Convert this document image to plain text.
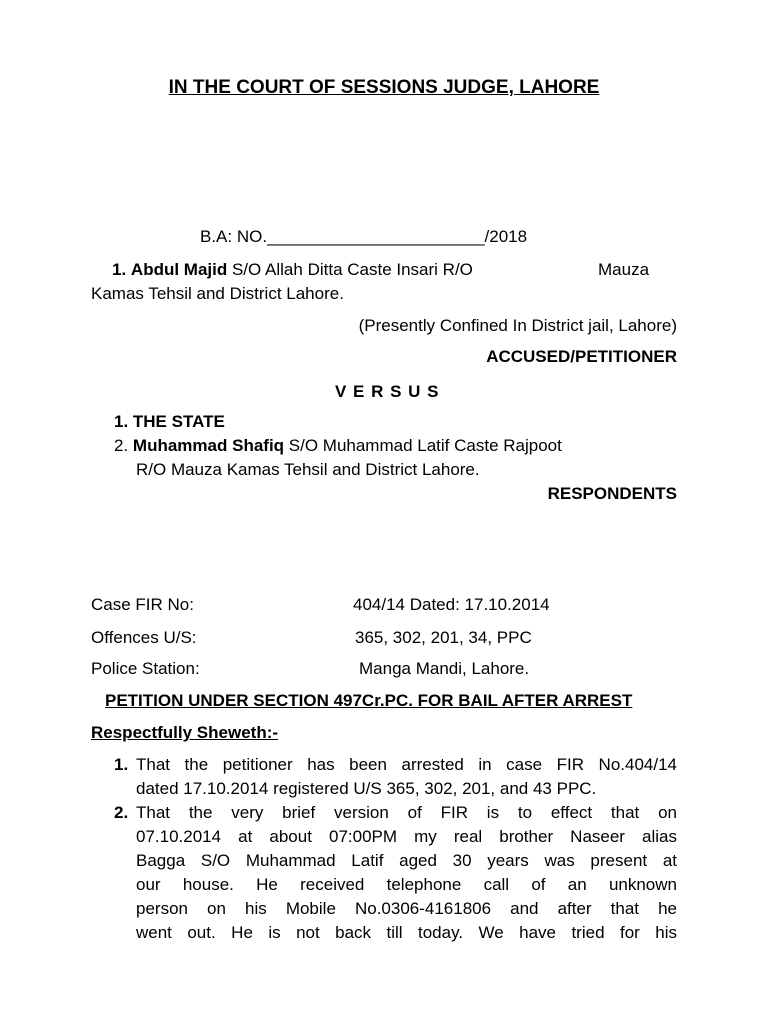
IN THE COURT OF SESSIONS JUDGE, LAHORE
B.A: NO._______________________/2018
1. Abdul Majid S/O Allah Ditta Caste Insari R/O	Mauza
Kamas Tehsil and District Lahore.
(Presently Confined In District jail, Lahore)
ACCUSED/PETITIONER
V E R S U S
1. THE STATE
2. Muhammad Shafiq S/O Muhammad Latif Caste Rajpoot
R/O Mauza Kamas Tehsil and District Lahore.
RESPONDENTS
Case FIR No:	404/14 Dated: 17.10.2014
Offences U/S:	365, 302, 201, 34, PPC
Police Station:	Manga Mandi, Lahore.
PETITION UNDER SECTION 497Cr.PC. FOR BAIL AFTER ARREST
Respectfully Sheweth:-
1. That the petitioner has been arrested in case FIR No.404/14
dated 17.10.2014 registered U/S 365, 302, 201, and 43 PPC.
2. That the very brief version of FIR is to effect that on
07.10.2014 at about 07:00PM my real brother Naseer alias
Bagga S/O Muhammad Latif aged 30 years was present at
our house. He received telephone call of an unknown
person on his Mobile No.0306-4161806 and after that he
went out. He is not back till today. We have tried for his
